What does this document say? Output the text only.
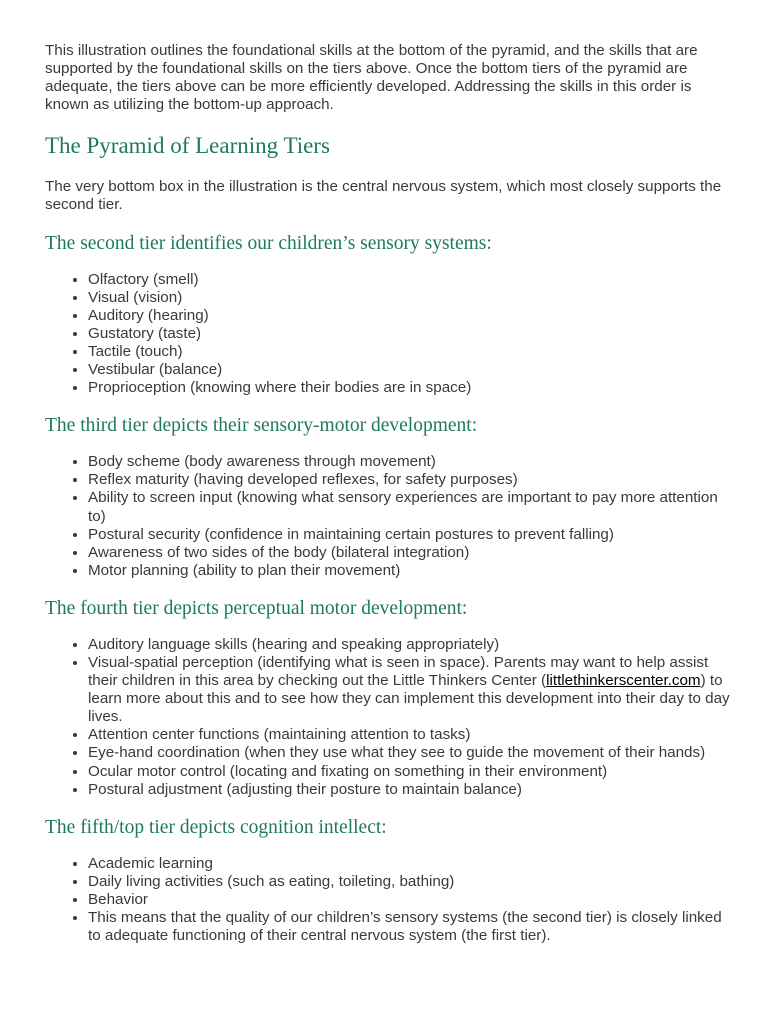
This illustration outlines the foundational skills at the bottom of the pyramid, and the skills that are supported by the foundational skills on the tiers above. Once the bottom tiers of the pyramid are adequate, the tiers above can be more efficiently developed. Addressing the skills in this order is known as utilizing the bottom-up approach.

The Pyramid of Learning Tiers

The very bottom box in the illustration is the central nervous system, which most closely supports the second tier.

The second tier identifies our children’s sensory systems:
• Olfactory (smell)
• Visual (vision)
• Auditory (hearing)
• Gustatory (taste)
• Tactile (touch)
• Vestibular (balance)
• Proprioception (knowing where their bodies are in space)
The third tier depicts their sensory-motor development:
• Body scheme (body awareness through movement)
• Reflex maturity (having developed reflexes, for safety purposes)
• Ability to screen input (knowing what sensory experiences are important to pay more attention to)
• Postural security (confidence in maintaining certain postures to prevent falling)
• Awareness of two sides of the body (bilateral integration)
• Motor planning (ability to plan their movement)
The fourth tier depicts perceptual motor development:
• Auditory language skills (hearing and speaking appropriately)
• Visual-spatial perception (identifying what is seen in space). Parents may want to help assist their children in this area by checking out the Little Thinkers Center (littlethinkerscenter.com) to learn more about this and to see how they can implement this development into their day to day lives.
• Attention center functions (maintaining attention to tasks)
• Eye-hand coordination (when they use what they see to guide the movement of their hands)
• Ocular motor control (locating and fixating on something in their environment)
• Postural adjustment (adjusting their posture to maintain balance)
The fifth/top tier depicts cognition intellect:
• Academic learning
• Daily living activities (such as eating, toileting, bathing)
• Behavior
• This means that the quality of our children’s sensory systems (the second tier) is closely linked to adequate functioning of their central nervous system (the first tier).
